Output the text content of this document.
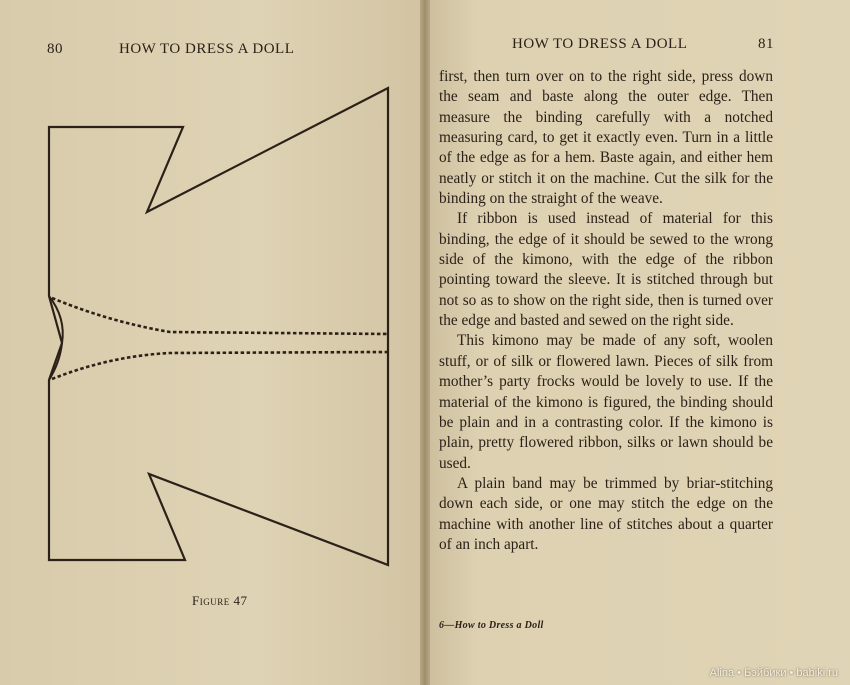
80	HOW TO DRESS A DOLL	HOW TO DRESS A DOLL	81
Figure 47

first, then turn over on to the right side, press down the seam and baste along the outer edge. Then measure the binding carefully with a notched measuring card, to get it exactly even. Turn in a little of the edge as for a hem. Baste again, and either hem neatly or stitch it on the machine. Cut the silk for the binding on the straight of the weave.

If ribbon is used instead of material for this binding, the edge of it should be sewed to the wrong side of the kimono, with the edge of the ribbon pointing toward the sleeve. It is stitched through but not so as to show on the right side, then is turned over the edge and basted and sewed on the right side.

This kimono may be made of any soft, woolen stuff, or of silk or flowered lawn. Pieces of silk from mother’s party frocks would be lovely to use. If the material of the kimono is figured, the binding should be plain and in a contrasting color. If the kimono is plain, pretty flowered ribbon, silks or lawn should be used.

A plain band may be trimmed by briar-stitching down each side, or one may stitch the edge on the machine with another line of stitches about a quarter of an inch apart.

6—How to Dress a Doll
Alina • Бэйбики • babiki.ru
